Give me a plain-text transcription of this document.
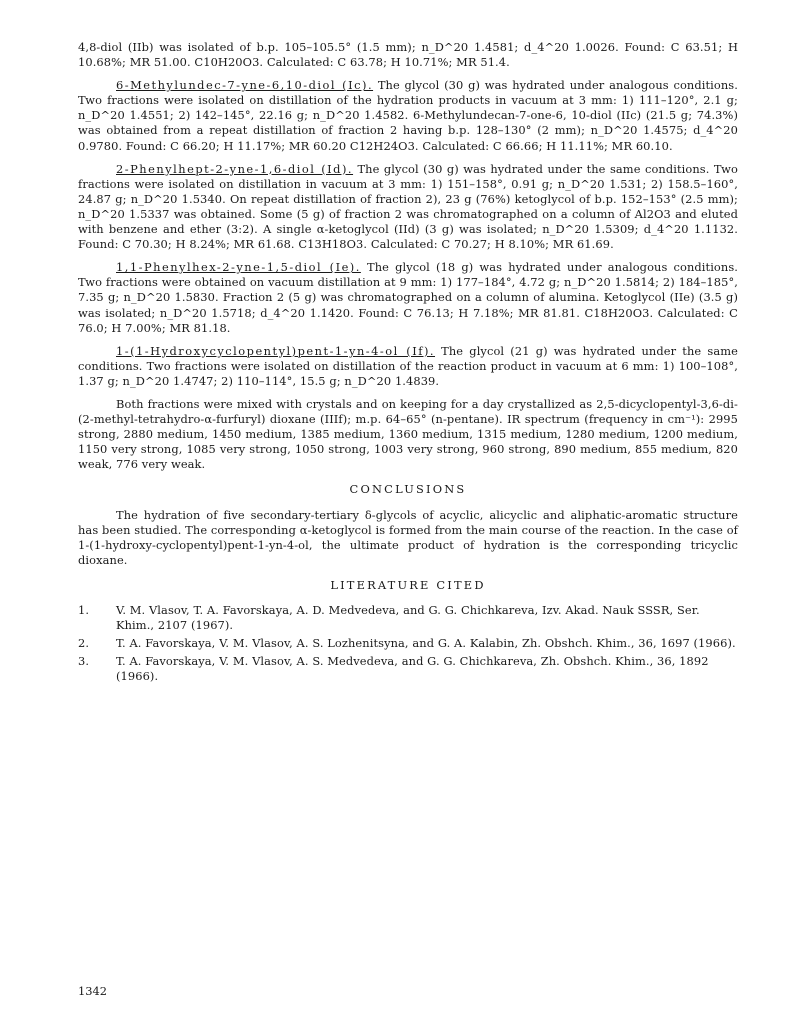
4,8-diol (IIb) was isolated of b.p. 105–105.5° (1.5 mm); n_D^20 1.4581; d_4^20 1.0026. Found: C 63.51; H 10.68%; MR 51.00. C10H20O3. Calculated: C 63.78; H 10.71%; MR 51.4.

6-Methylundec-7-yne-6,10-diol (Ic). The glycol (30 g) was hydrated under analogous conditions. Two fractions were isolated on distillation of the hydration products in vacuum at 3 mm: 1) 111–120°, 2.1 g; n_D^20 1.4551; 2) 142–145°, 22.16 g; n_D^20 1.4582. 6-Methylundecan-7-one-6, 10-diol (IIc) (21.5 g; 74.3%) was obtained from a repeat distillation of fraction 2 having b.p. 128–130° (2 mm); n_D^20 1.4575; d_4^20 0.9780. Found: C 66.20; H 11.17%; MR 60.20 C12H24O3. Calculated: C 66.66; H 11.11%; MR 60.10.

2-Phenylhept-2-yne-1,6-diol (Id). The glycol (30 g) was hydrated under the same conditions. Two fractions were isolated on distillation in vacuum at 3 mm: 1) 151–158°, 0.91 g; n_D^20 1.531; 2) 158.5–160°, 24.87 g; n_D^20 1.5340. On repeat distillation of fraction 2), 23 g (76%) ketoglycol of b.p. 152–153° (2.5 mm); n_D^20 1.5337 was obtained. Some (5 g) of fraction 2 was chromatographed on a column of Al2O3 and eluted with benzene and ether (3:2). A single α-ketoglycol (IId) (3 g) was isolated; n_D^20 1.5309; d_4^20 1.1132. Found: C 70.30; H 8.24%; MR 61.68. C13H18O3. Calculated: C 70.27; H 8.10%; MR 61.69.

1,1-Phenylhex-2-yne-1,5-diol (Ie). The glycol (18 g) was hydrated under analogous conditions. Two fractions were obtained on vacuum distillation at 9 mm: 1) 177–184°, 4.72 g; n_D^20 1.5814; 2) 184–185°, 7.35 g; n_D^20 1.5830. Fraction 2 (5 g) was chromatographed on a column of alumina. Ketoglycol (IIe) (3.5 g) was isolated; n_D^20 1.5718; d_4^20 1.1420. Found: C 76.13; H 7.18%; MR 81.81. C18H20O3. Calculated: C 76.0; H 7.00%; MR 81.18.

1-(1-Hydroxycyclopentyl)pent-1-yn-4-ol (If). The glycol (21 g) was hydrated under the same conditions. Two fractions were isolated on distillation of the reaction product in vacuum at 6 mm: 1) 100–108°, 1.37 g; n_D^20 1.4747; 2) 110–114°, 15.5 g; n_D^20 1.4839.

Both fractions were mixed with crystals and on keeping for a day crystallized as 2,5-dicyclopentyl-3,6-di-(2-methyl-tetrahydro-α-furfuryl) dioxane (IIIf); m.p. 64–65° (n-pentane). IR spectrum (frequency in cm⁻¹): 2995 strong, 2880 medium, 1450 medium, 1385 medium, 1360 medium, 1315 medium, 1280 medium, 1200 medium, 1150 very strong, 1085 very strong, 1050 strong, 1003 very strong, 960 strong, 890 medium, 855 medium, 820 weak, 776 very weak.

CONCLUSIONS

The hydration of five secondary-tertiary δ-glycols of acyclic, alicyclic and aliphatic-aromatic structure has been studied. The corresponding α-ketoglycol is formed from the main course of the reaction. In the case of 1-(1-hydroxy-cyclopentyl)pent-1-yn-4-ol, the ultimate product of hydration is the corresponding tricyclic dioxane.

LITERATURE CITED
1. V. M. Vlasov, T. A. Favorskaya, A. D. Medvedeva, and G. G. Chichkareva, Izv. Akad. Nauk SSSR, Ser. Khim., 2107 (1967).
2. T. A. Favorskaya, V. M. Vlasov, A. S. Lozhenitsyna, and G. A. Kalabin, Zh. Obshch. Khim., 36, 1697 (1966).
3. T. A. Favorskaya, V. M. Vlasov, A. S. Medvedeva, and G. G. Chichkareva, Zh. Obshch. Khim., 36, 1892 (1966).
1342
